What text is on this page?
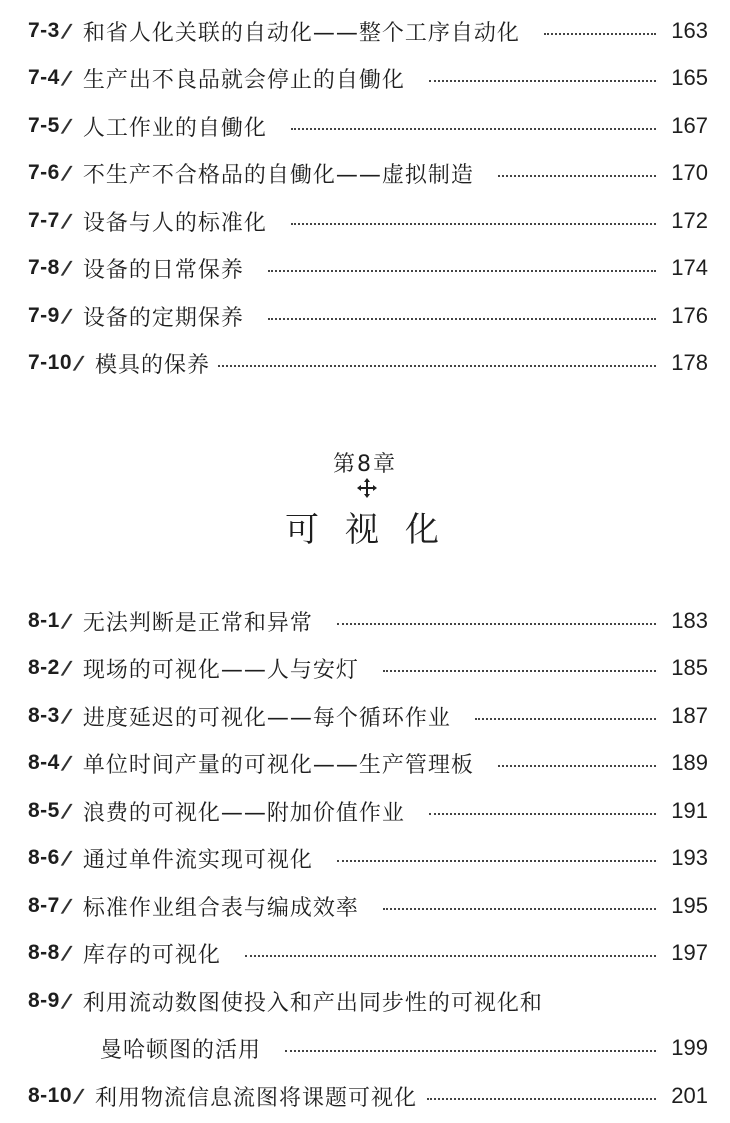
7-3 // 和省人化关联的自动化——整个工序自动化	163
7-4 // 生产出不良品就会停止的自働化	165
7-5 // 人工作业的自働化	167
7-6 // 不生产不合格品的自働化——虚拟制造	170
7-7 // 设备与人的标准化	172
7-8 // 设备的日常保养	174
7-9 // 设备的定期保养	176
7-10 // 模具的保养	178
第8章
可视化
8-1 // 无法判断是正常和异常	183
8-2 // 现场的可视化——人与安灯	185
8-3 // 进度延迟的可视化——每个循环作业	187
8-4 // 单位时间产量的可视化——生产管理板	189
8-5 // 浪费的可视化——附加价值作业	191
8-6 // 通过单件流实现可视化	193
8-7 // 标准作业组合表与编成效率	195
8-8 // 库存的可视化	197
8-9 // 利用流动数图使投入和产出同步性的可视化和
曼哈顿图的活用	199
8-10 // 利用物流信息流图将课题可视化	201
